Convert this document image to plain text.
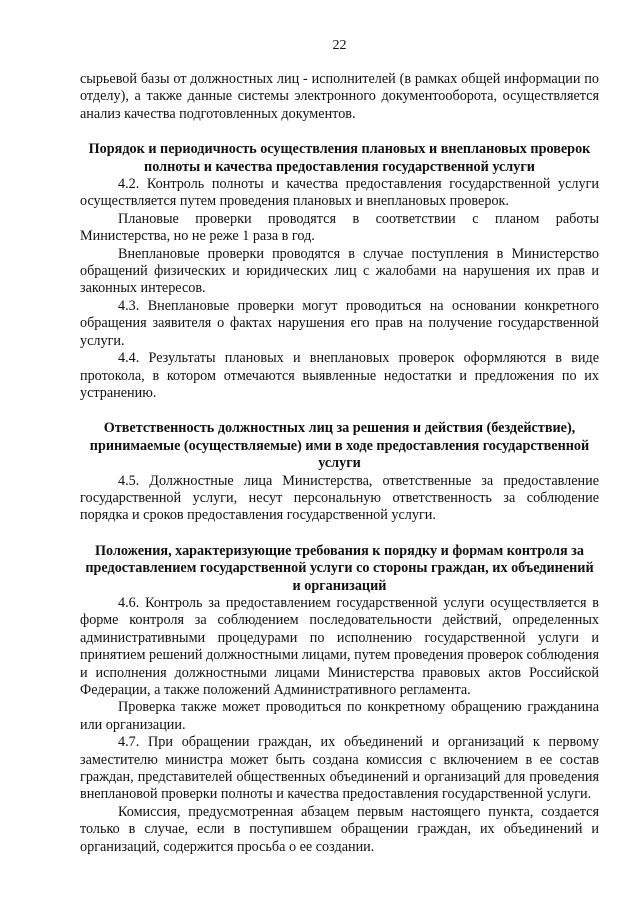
22

сырьевой базы от должностных лиц - исполнителей (в рамках общей информации по отделу), а также данные системы электронного документооборота, осуществляется анализ качества подготовленных документов.

Порядок и периодичность осуществления плановых и внеплановых проверок полноты и качества предоставления государственной услуги

4.2. Контроль полноты и качества предоставления государственной услуги осуществляется путем проведения плановых и внеплановых проверок.

Плановые проверки проводятся в соответствии с планом работы Министерства, но не реже 1 раза в год.

Внеплановые проверки проводятся в случае поступления в Министерство обращений физических и юридических лиц с жалобами на нарушения их прав и законных интересов.

4.3. Внеплановые проверки могут проводиться на основании конкретного обращения заявителя о фактах нарушения его прав на получение государственной услуги.

4.4. Результаты плановых и внеплановых проверок оформляются в виде протокола, в котором отмечаются выявленные недостатки и предложения по их устранению.

Ответственность должностных лиц за решения и действия (бездействие), принимаемые (осуществляемые) ими в ходе предоставления государственной услуги

4.5. Должностные лица Министерства, ответственные за предоставление государственной услуги, несут персональную ответственность за соблюдение порядка и сроков предоставления государственной услуги.

Положения, характеризующие требования к порядку и формам контроля за предоставлением государственной услуги со стороны граждан, их объединений и организаций

4.6. Контроль за предоставлением государственной услуги осуществляется в форме контроля за соблюдением последовательности действий, определенных административными процедурами по исполнению государственной услуги и принятием решений должностными лицами, путем проведения проверок соблюдения и исполнения должностными лицами Министерства правовых актов Российской Федерации, а также положений Административного регламента.

Проверка также может проводиться по конкретному обращению гражданина или организации.

4.7. При обращении граждан, их объединений и организаций к первому заместителю министра может быть создана комиссия с включением в ее состав граждан, представителей общественных объединений и организаций для проведения внеплановой проверки полноты и качества предоставления государственной услуги.

Комиссия, предусмотренная абзацем первым настоящего пункта, создается только в случае, если в поступившем обращении граждан, их объединений и организаций, содержится просьба о ее создании.
